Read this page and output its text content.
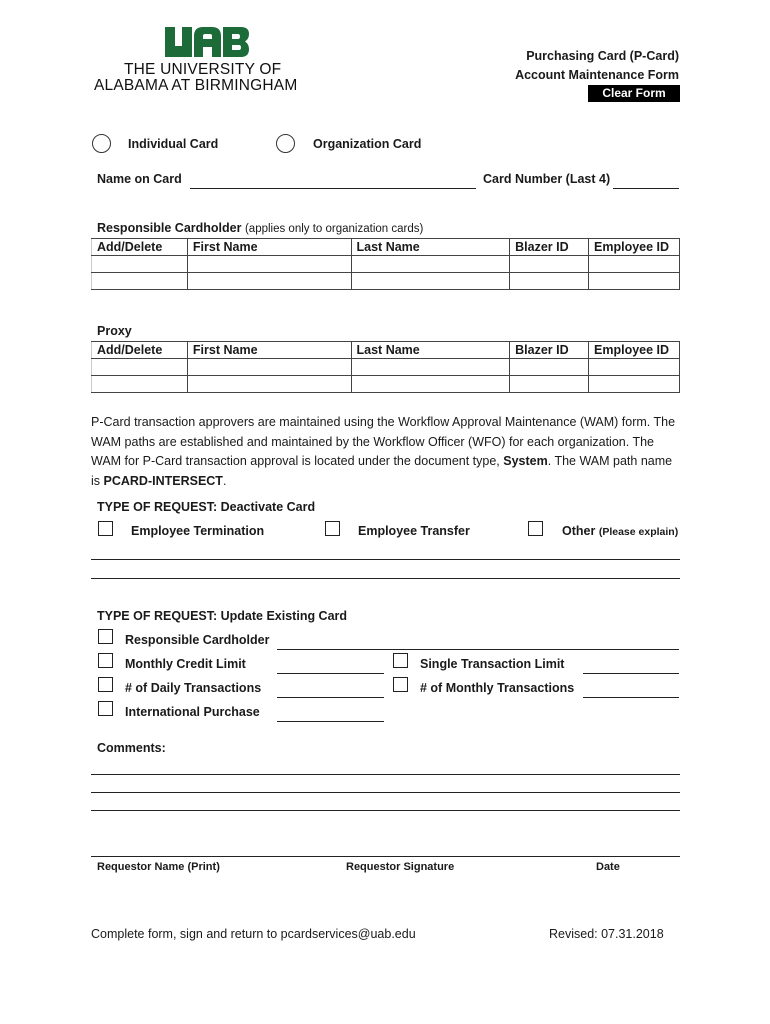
THE UNIVERSITY OF
ALABAMA AT BIRMINGHAM
Purchasing Card (P-Card)
Account Maintenance Form
Clear Form
Individual Card	Organization Card
Name on Card	Card Number (Last 4)
Responsible Cardholder (applies only to organization cards)
Add/Delete	First Name	Last Name	Blazer ID	Employee ID

Proxy
Add/Delete	First Name	Last Name	Blazer ID	Employee ID

P-Card transaction approvers are maintained using the Workflow Approval Maintenance (WAM) form. The WAM paths are established and maintained by the Workflow Officer (WFO) for each organization. The WAM for P-Card transaction approval is located under the document type, System. The WAM path name is PCARD-INTERSECT.
TYPE OF REQUEST: Deactivate Card
Employee Termination	Employee Transfer	Other (Please explain)
TYPE OF REQUEST: Update Existing Card
Responsible Cardholder
Monthly Credit Limit	Single Transaction Limit
# of Daily Transactions	# of Monthly Transactions
International Purchase
Comments:
Requestor Name (Print)	Requestor Signature	Date
Complete form, sign and return to pcardservices@uab.edu	Revised: 07.31.2018
